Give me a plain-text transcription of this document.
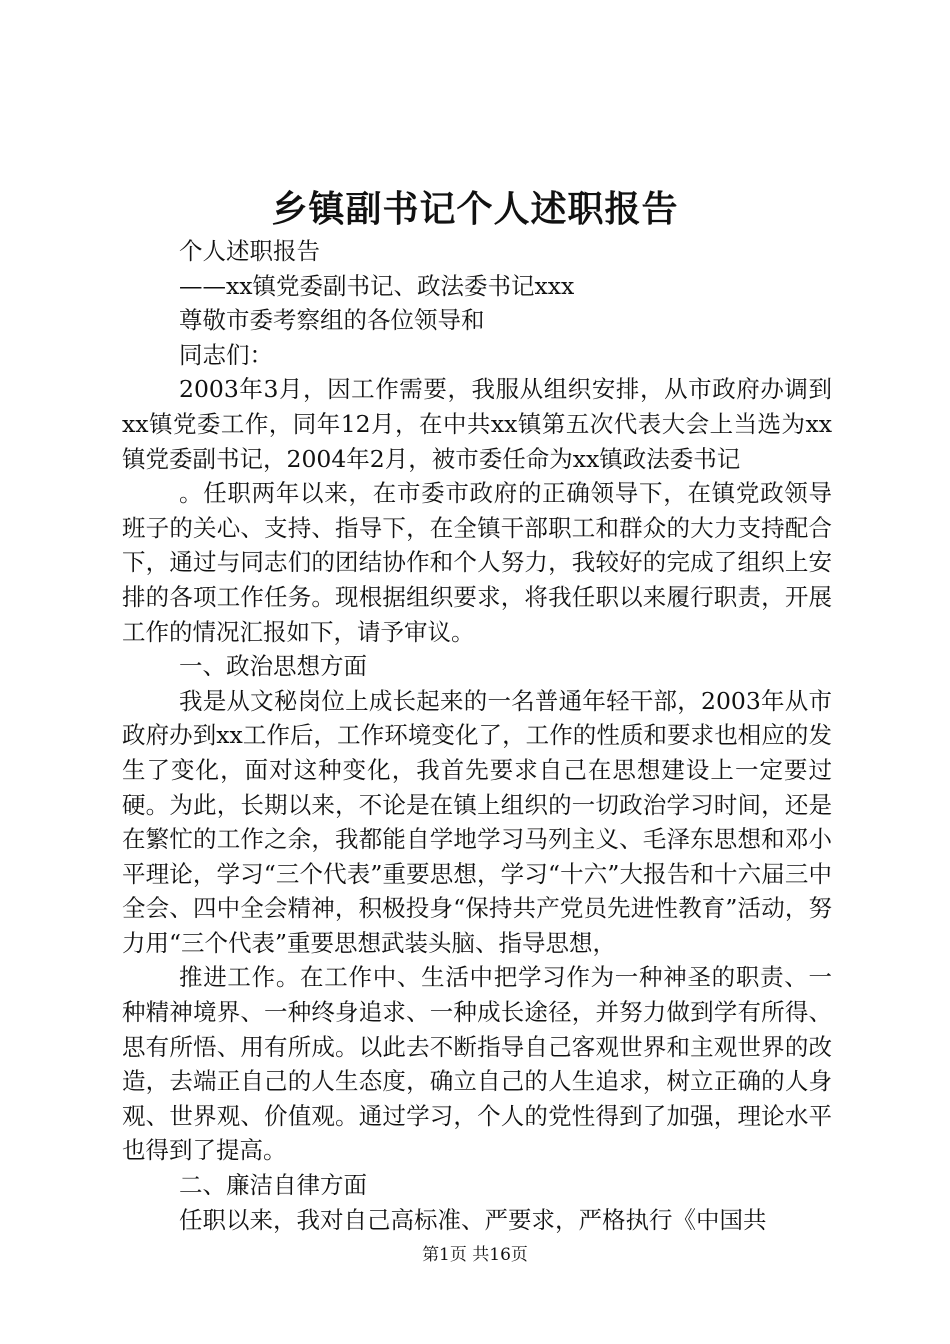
乡镇副书记个人述职报告

个人述职报告

——xx镇党委副书记、政法委书记xxx

尊敬市委考察组的各位领导和

同志们：

2003年3月，因工作需要，我服从组织安排，从市政府办调到xx镇党委工作，同年12月，在中共xx镇第五次代表大会上当选为xx镇党委副书记，2004年2月，被市委任命为xx镇政法委书记

。任职两年以来，在市委市政府的正确领导下，在镇党政领导班子的关心、支持、指导下，在全镇干部职工和群众的大力支持配合下，通过与同志们的团结协作和个人努力，我较好的完成了组织上安排的各项工作任务。现根据组织要求，将我任职以来履行职责，开展工作的情况汇报如下，请予审议。

一、政治思想方面

我是从文秘岗位上成长起来的一名普通年轻干部，2003年从市政府办到xx工作后，工作环境变化了，工作的性质和要求也相应的发生了变化，面对这种变化，我首先要求自己在思想建设上一定要过硬。为此，长期以来，不论是在镇上组织的一切政治学习时间，还是在繁忙的工作之余，我都能自学地学习马列主义、毛泽东思想和邓小平理论，学习“三个代表”重要思想，学习“十六”大报告和十六届三中全会、四中全会精神，积极投身“保持共产党员先进性教育”活动，努力用“三个代表”重要思想武装头脑、指导思想，

推进工作。在工作中、生活中把学习作为一种神圣的职责、一种精神境界、一种终身追求、一种成长途径，并努力做到学有所得、思有所悟、用有所成。以此去不断指导自己客观世界和主观世界的改造，去端正自己的人生态度，确立自己的人生追求，树立正确的人身观、世界观、价值观。通过学习，个人的党性得到了加强，理论水平也得到了提高。

二、廉洁自律方面

任职以来，我对自己高标准、严要求，严格执行《中国共

第1页 共16页
